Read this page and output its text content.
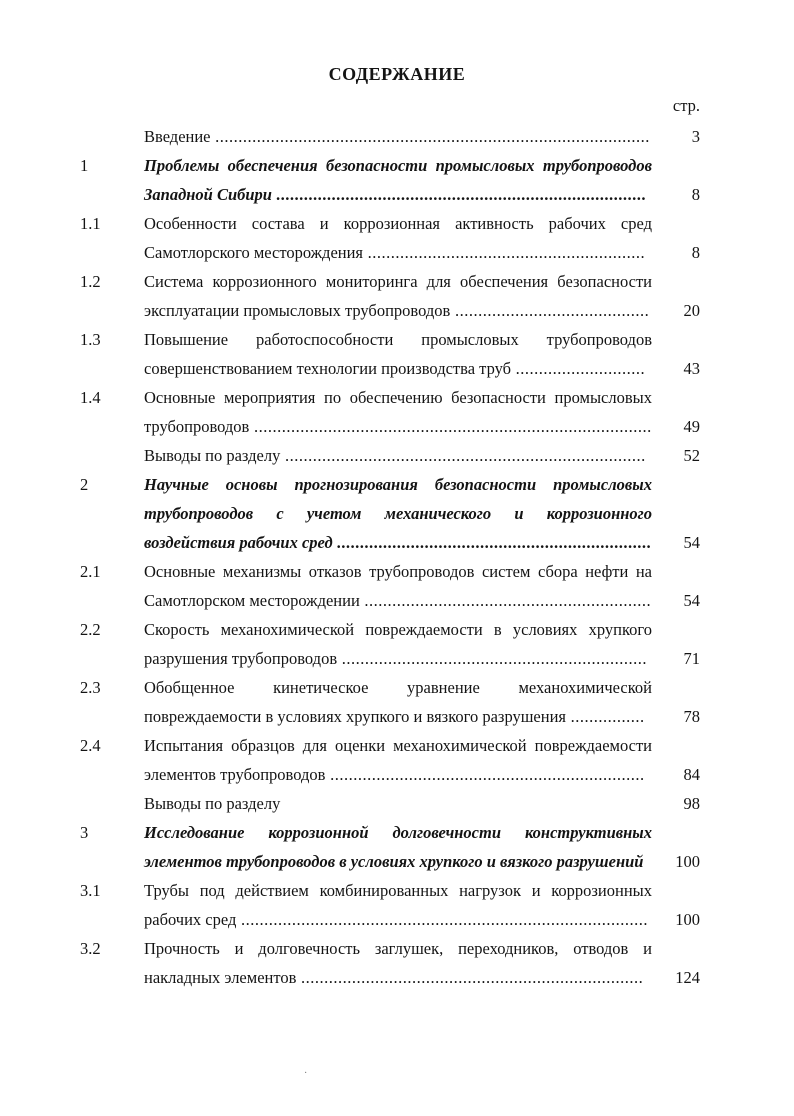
СОДЕРЖАНИЕ
стр.
Введение ..............................................................................................	3
1	Проблемы обеспечения безопасности промысловых трубопроводов Западной Сибири ................................................................................	8
1.1	Особенности состава и коррозионная активность рабочих сред Самотлорского месторождения ............................................................	8
1.2	Система коррозионного мониторинга для обеспечения безопасности эксплуатации промысловых трубопроводов ..........................................	20
1.3	Повышение работоспособности промысловых трубопроводов совершенствованием технологии производства труб ............................	43
1.4	Основные мероприятия по обеспечению безопасности промысловых трубопроводов ......................................................................................	49
Выводы по разделу ..............................................................................	52
2	Научные основы прогнозирования безопасности промысловых трубопроводов с учетом механического и коррозионного воздействия рабочих сред ....................................................................	54
2.1	Основные механизмы отказов трубопроводов систем сбора нефти на Самотлорском месторождении ..............................................................	54
2.2	Скорость механохимической повреждаемости в условиях хрупкого разрушения трубопроводов ..................................................................	71
2.3	Обобщенное кинетическое уравнение механохимической повреждаемости в условиях хрупкого и вязкого разрушения ................	78
2.4	Испытания образцов для оценки механохимической повреждаемости элементов трубопроводов ....................................................................	84
Выводы по разделу	98
3	Исследование коррозионной долговечности конструктивных элементов трубопроводов в условиях хрупкого и вязкого разрушений	100
3.1	Трубы под действием комбинированных нагрузок и коррозионных рабочих сред ........................................................................................	100
3.2	Прочность и долговечность заглушек, переходников, отводов и накладных элементов ..........................................................................	124
·
